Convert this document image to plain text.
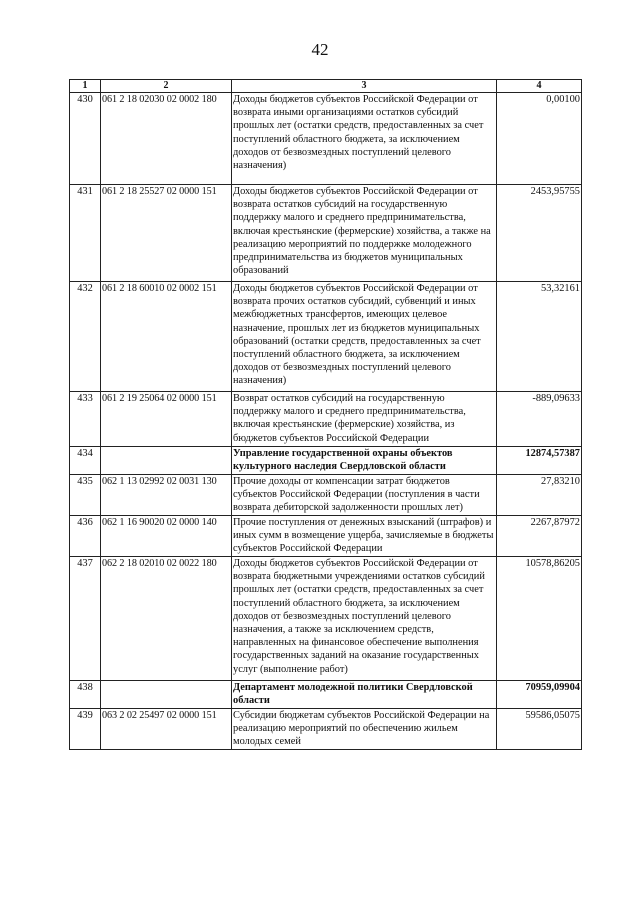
42
1	2	3	4
430	061 2 18 02030 02 0002 180	Доходы бюджетов субъектов Российской Федерации от возврата иными организациями остатков субсидий прошлых лет (остатки средств, предоставленных за счет поступлений областного бюджета, за исключением доходов от безвозмездных поступлений целевого назначения)	0,00100
431	061 2 18 25527 02 0000 151	Доходы бюджетов субъектов Российской Федерации от возврата остатков субсидий на государственную поддержку малого и среднего предпринимательства, включая крестьянские (фермерские) хозяйства, а также на реализацию мероприятий по поддержке молодежного предпринимательства из бюджетов муниципальных образований	2453,95755
432	061 2 18 60010 02 0002 151	Доходы бюджетов субъектов Российской Федерации от возврата прочих остатков субсидий, субвенций и иных межбюджетных трансфертов, имеющих целевое назначение, прошлых лет из бюджетов муниципальных образований (остатки средств, предоставленных за счет поступлений областного бюджета, за исключением доходов от безвозмездных поступлений целевого назначения)	53,32161
433	061 2 19 25064 02 0000 151	Возврат остатков субсидий на государственную поддержку малого и среднего предпринимательства, включая крестьянские (фермерские) хозяйства, из бюджетов субъектов Российской Федерации	-889,09633
434		Управление государственной охраны объектов культурного наследия Свердловской области	12874,57387
435	062 1 13 02992 02 0031 130	Прочие доходы от компенсации затрат бюджетов субъектов Российской Федерации (поступления в части возврата дебиторской задолженности прошлых лет)	27,83210
436	062 1 16 90020 02 0000 140	Прочие поступления от денежных взысканий (штрафов) и иных сумм в возмещение ущерба, зачисляемые в бюджеты субъектов Российской Федерации	2267,87972
437	062 2 18 02010 02 0022 180	Доходы бюджетов субъектов Российской Федерации от возврата бюджетными учреждениями остатков субсидий прошлых лет (остатки средств, предоставленных за счет поступлений областного бюджета, за исключением доходов от безвозмездных поступлений целевого назначения, а также за исключением средств, направленных на финансовое обеспечение выполнения государственных заданий на оказание государственных услуг (выполнение работ)	10578,86205
438		Департамент молодежной политики Свердловской области	70959,09904
439	063 2 02 25497 02 0000 151	Субсидии бюджетам субъектов Российской Федерации на реализацию мероприятий по обеспечению жильем молодых семей	59586,05075
